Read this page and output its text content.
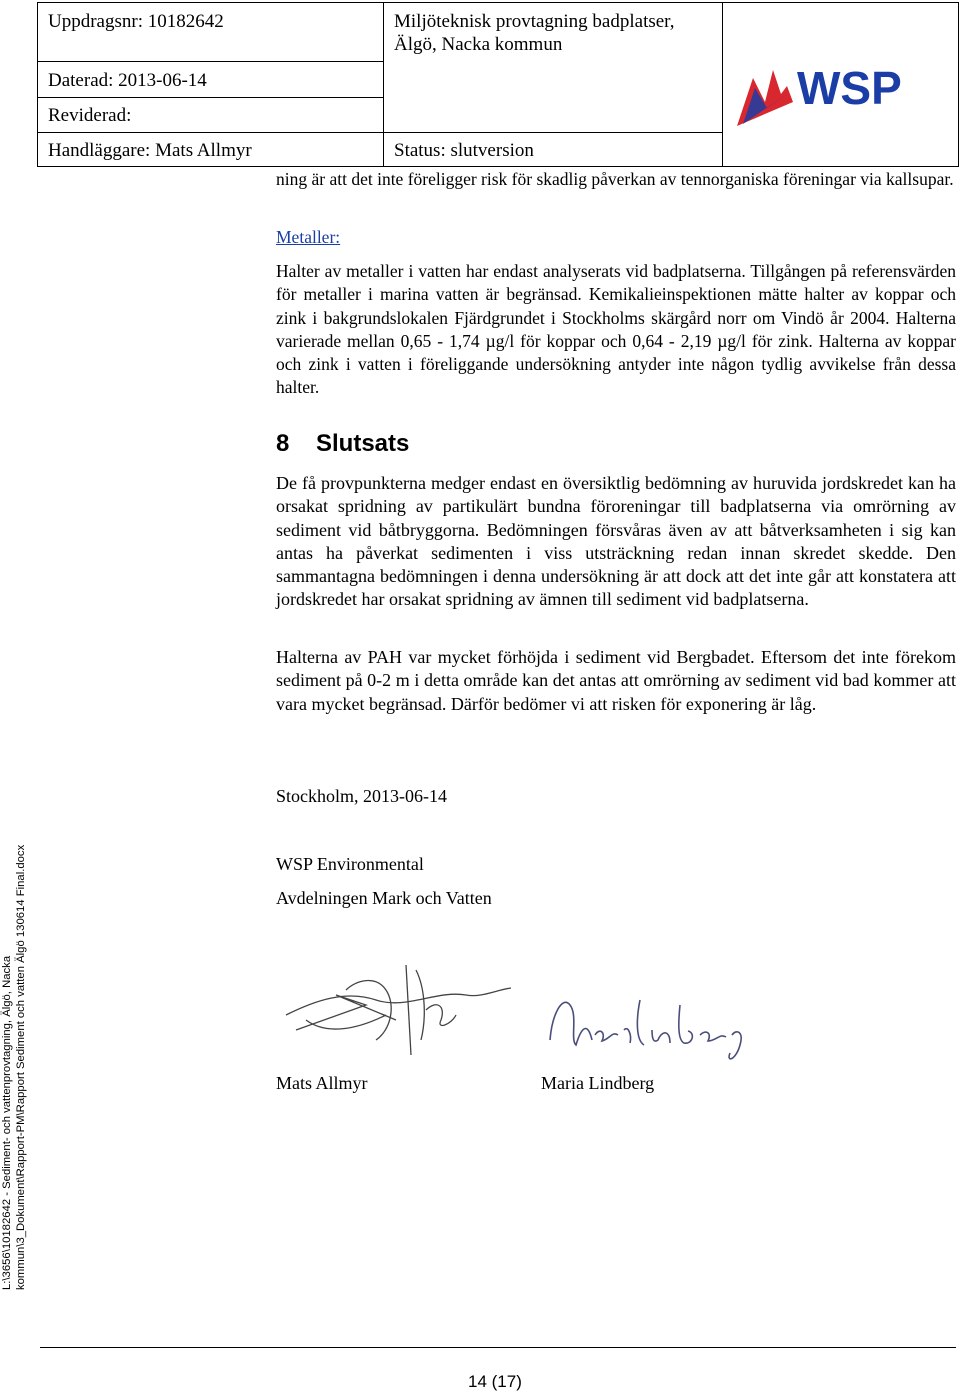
Uppdragsnr: 10182642
Daterad: 2013-06-14
Reviderad:
Handläggare: Mats Allmyr
Miljöteknisk provtagning badplatser,
Älgö, Nacka kommun
Status: slutversion
WSP

ning är att det inte föreligger risk för skadlig påverkan av tennorganiska föreningar via kallsupar.

Metaller:

Halter av metaller i vatten har endast analyserats vid badplatserna. Tillgången på referensvärden för metaller i marina vatten är begränsad. Kemikalieinspektionen mätte halter av koppar och zink i bakgrundslokalen Fjärdgrundet i Stockholms skärgård norr om Vindö år 2004. Halterna varierade mellan 0,65 - 1,74 µg/l för koppar och 0,64 - 2,19 µg/l för zink. Halterna av koppar och zink i vatten i föreliggande undersökning antyder inte någon tydlig avvikelse från dessa halter.

8 Slutsats

De få provpunkterna medger endast en översiktlig bedömning av huruvida jordskredet kan ha orsakat spridning av partikulärt bundna föroreningar till badplatserna via omrörning av sediment vid båtbryggorna. Bedömningen försvåras även av att båtverksamheten i sig kan antas ha påverkat sedimenten i viss utsträckning redan innan skredet skedde. Den sammantagna bedömningen i denna undersökning är att dock att det inte går att konstatera att jordskredet har orsakat spridning av ämnen till sediment vid badplatserna.

Halterna av PAH var mycket förhöjda i sediment vid Bergbadet. Eftersom det inte förekom sediment på 0-2 m i detta område kan det antas att omrörning av sediment vid bad kommer att vara mycket begränsad. Därför bedömer vi att risken för exponering är låg.

Stockholm, 2013-06-14
WSP Environmental
Avdelningen Mark och Vatten
Mats Allmyr	Maria Lindberg
L:\3656\10182642 - Sediment- och vattenprovtagning, Älgö, Nacka kommun\3_Dokument\Rapport-PM\Rapport Sediment och vatten Älgö 130614 Final.docx
14 (17)
